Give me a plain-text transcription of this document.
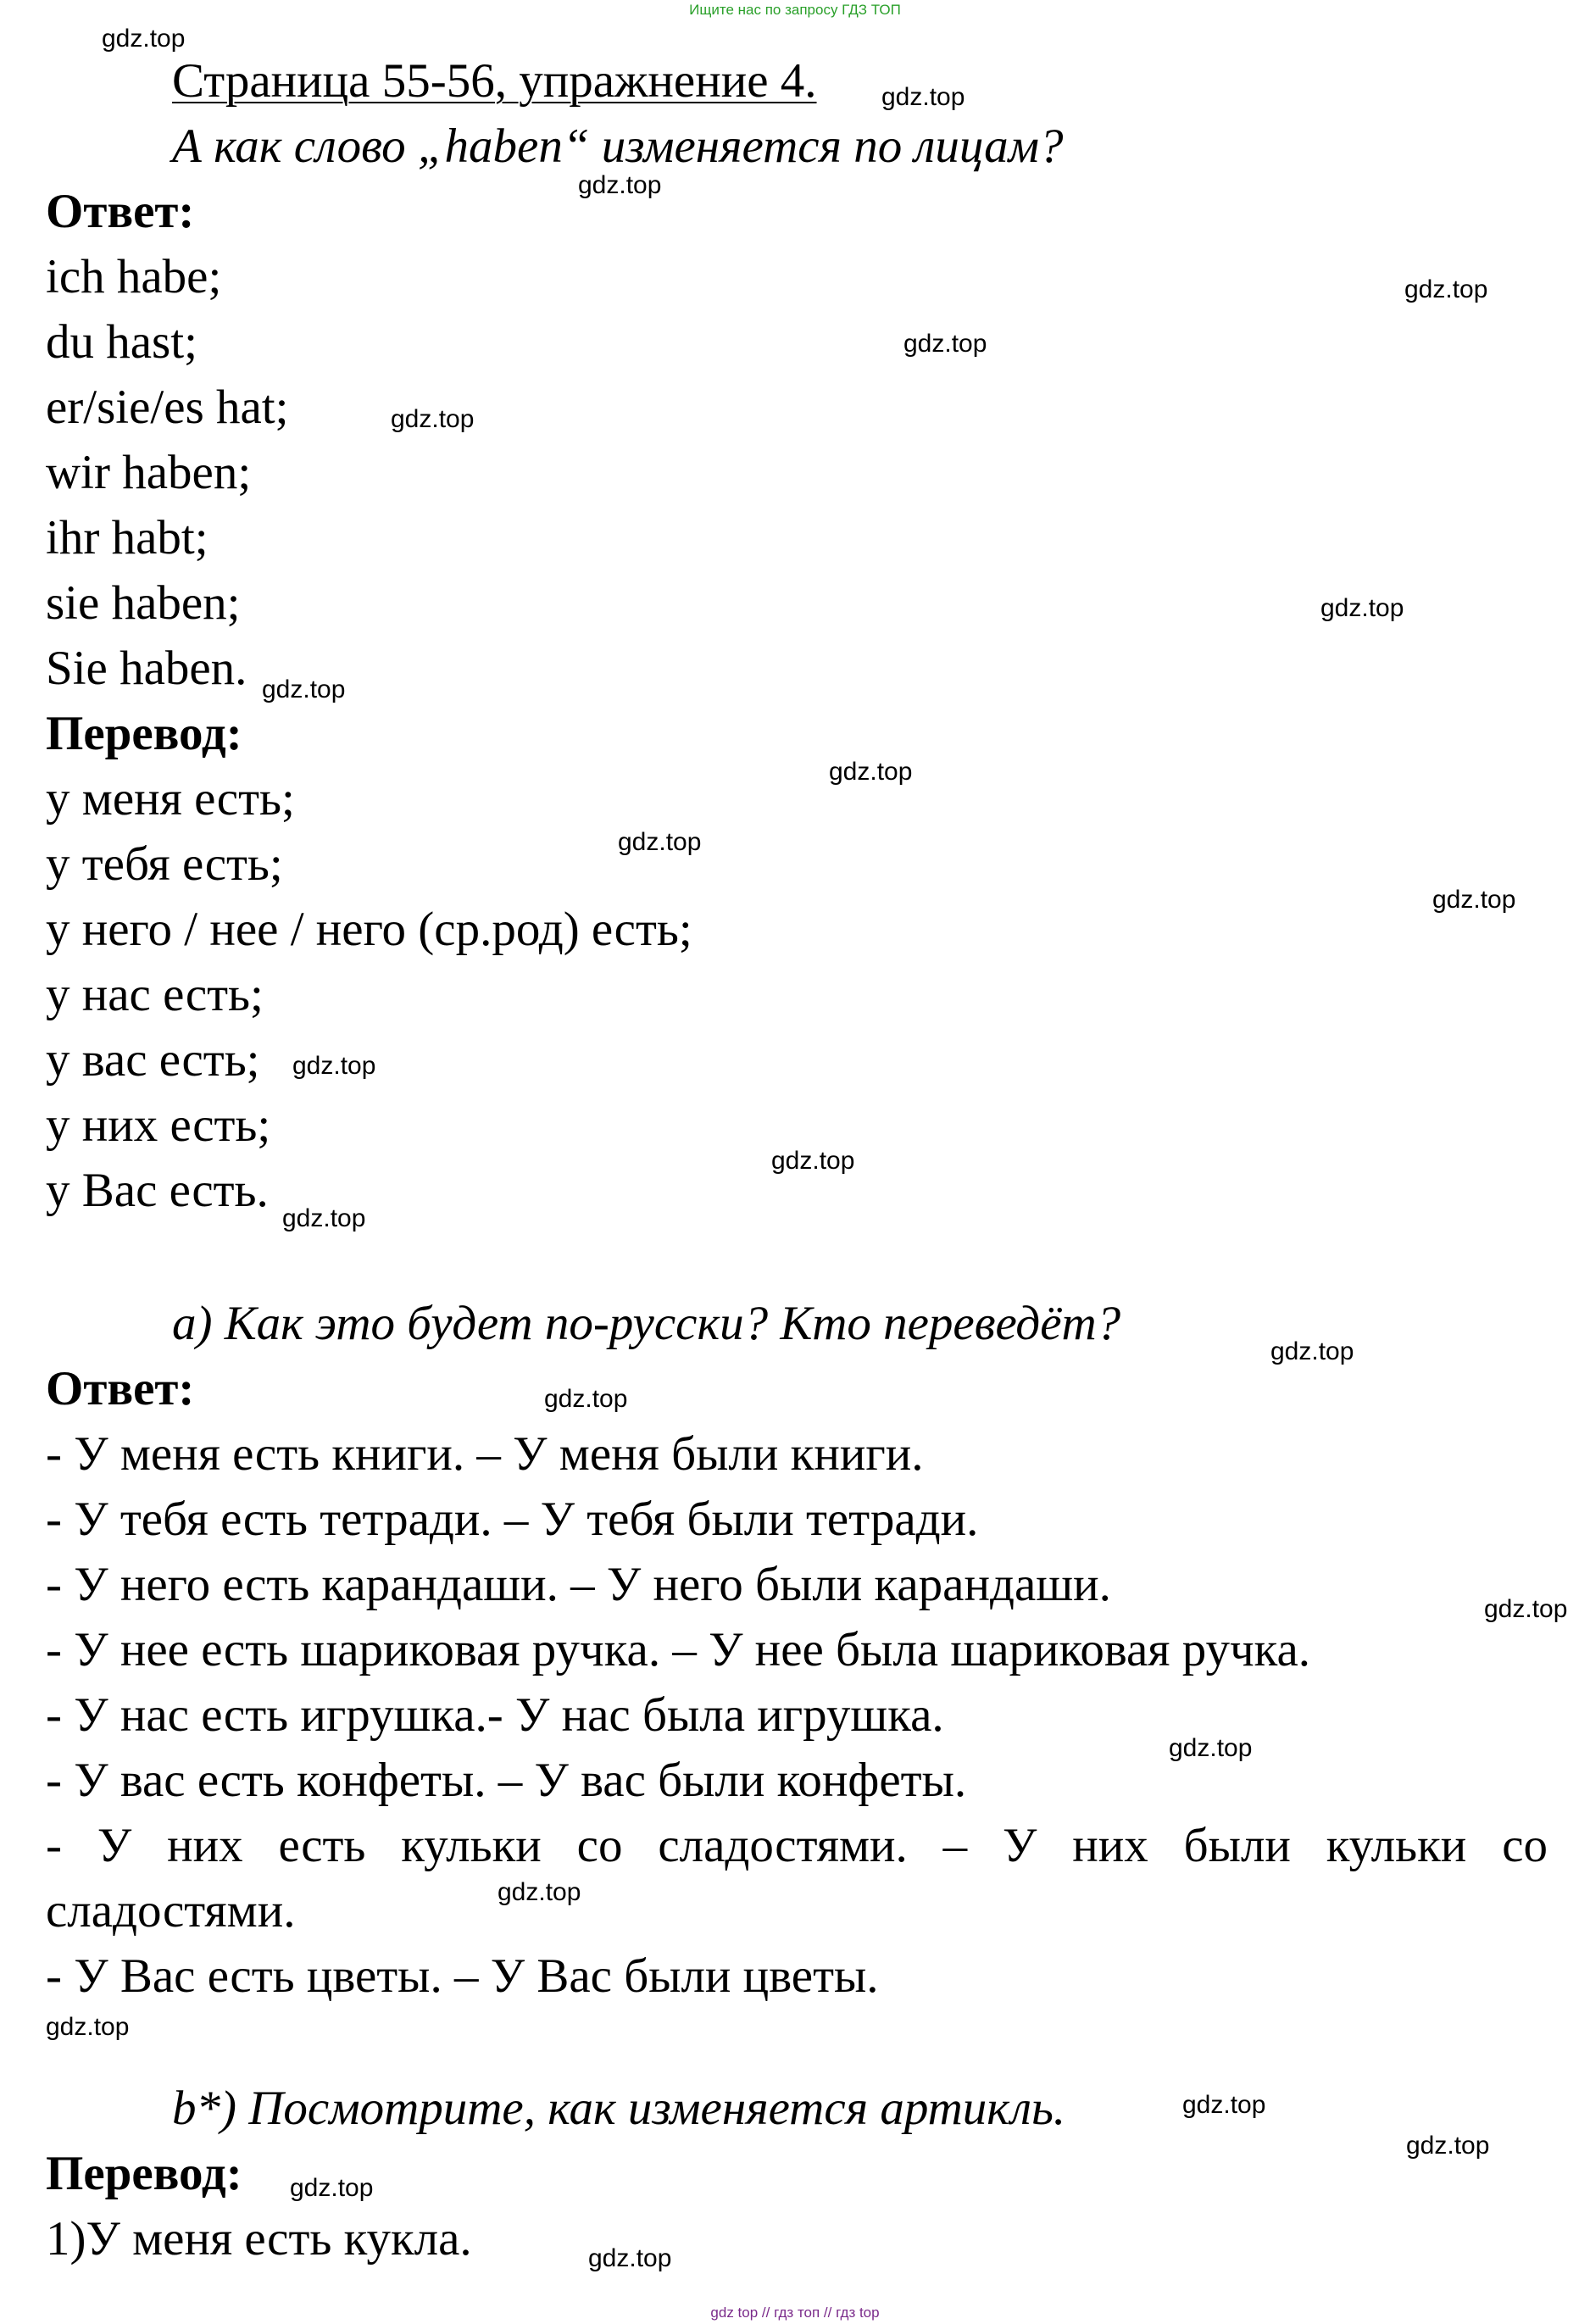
Ищите нас по запросу ГДЗ ТОП
Страница 55-56, упражнение 4.
А как слово „haben“ изменяется по лицам?
Ответ:
ich habe;
du hast;
er/sie/es hat;
wir haben;
ihr habt;
sie haben;
Sie haben.
Перевод:
у меня есть;
у тебя есть;
у него / нее / него (ср.род) есть;
у нас есть;
у вас есть;
у них есть;
у Вас есть.
a) Как это будет по-русски? Кто переведёт?
Ответ:
- У меня есть книги. – У меня были книги.
- У тебя есть тетради. – У тебя были тетради.
- У него есть карандаши. – У него были карандаши.
- У нее есть шариковая ручка. – У нее была шариковая ручка.
- У нас есть игрушка.- У нас была игрушка.
- У вас есть конфеты. – У вас были конфеты.
- У них есть кульки со сладостями. – У них были кульки со
сладостями.
- У Вас есть цветы. – У Вас были цветы.
b*) Посмотрите, как изменяется артикль.
Перевод:
1)У меня есть кукла.
gdz.top
gdz.top
gdz.top
gdz.top
gdz.top
gdz.top
gdz.top
gdz.top
gdz.top
gdz.top
gdz.top
gdz.top
gdz.top
gdz.top
gdz.top
gdz.top
gdz.top
gdz.top
gdz.top
gdz.top
gdz.top
gdz.top
gdz.top
gdz.top
gdz top // гдз топ // гдз top
